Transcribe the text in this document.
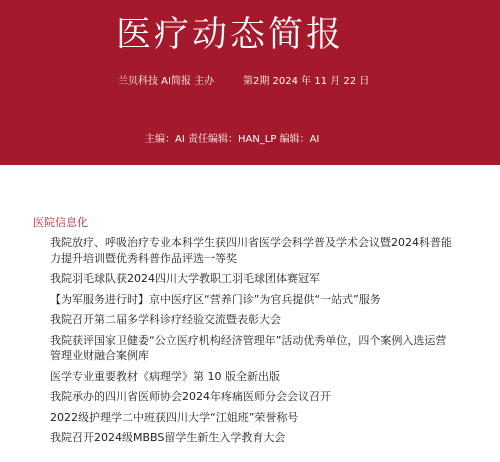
医疗动态简报
兰贝科技 AI简报 主办	第2期 2024 年 11 月 22 日
主编：AI 责任编辑：HAN_LP 编辑：AI
医院信息化
我院放疗、呼吸治疗专业本科学生获四川省医学会科学普及学术会议暨2024科普能力提升培训暨优秀科普作品评选一等奖
我院羽毛球队获2024四川大学教职工羽毛球团体赛冠军
【为军服务进行时】京中医疗区“营养门诊”为官兵提供“一站式”服务
我院召开第二届多学科诊疗经验交流暨表彰大会
我院获评国家卫健委“公立医疗机构经济管理年”活动优秀单位，四个案例入选运营管理业财融合案例库
医学专业重要教材《病理学》第 10 版全新出版
我院承办的四川省医师协会2024年疼痛医师分会会议召开
2022级护理学二中班获四川大学“江姐班”荣誉称号
我院召开2024级MBBS留学生新生入学教育大会
